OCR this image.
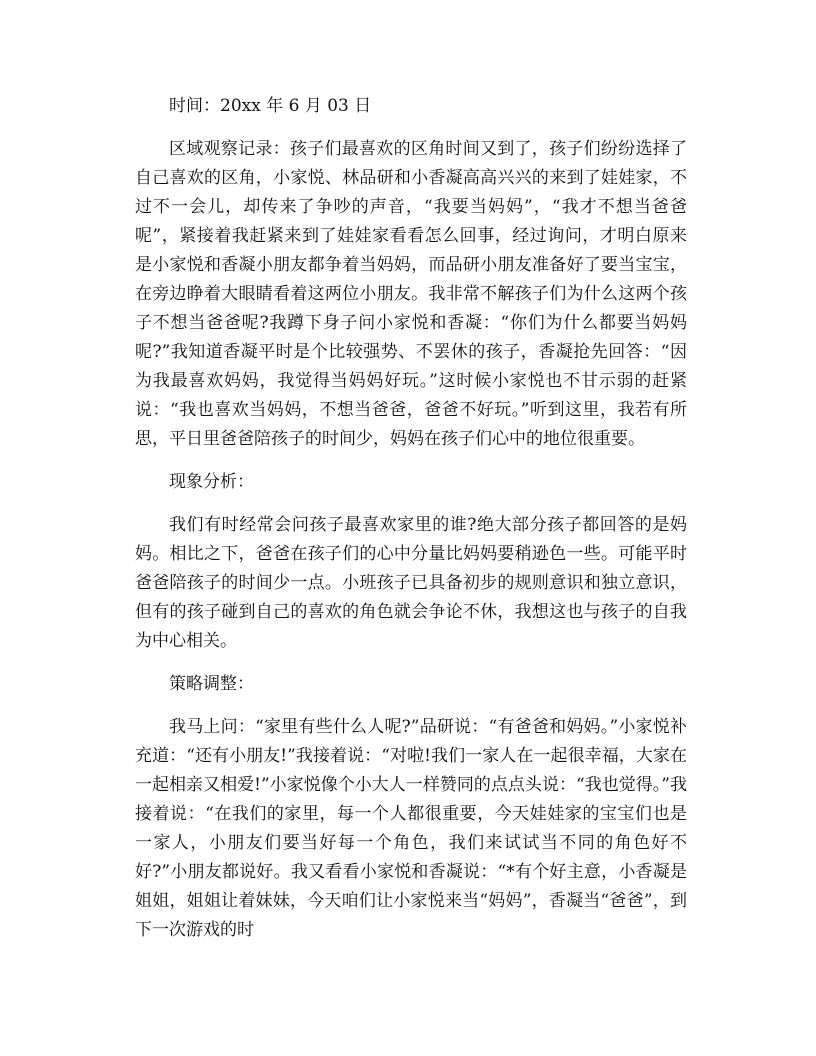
时间：20xx 年 6 月 03 日

区域观察记录：孩子们最喜欢的区角时间又到了，孩子们纷纷选择了自己喜欢的区角，小家悦、林品研和小香凝高高兴兴的来到了娃娃家，不过不一会儿，却传来了争吵的声音，“我要当妈妈”，“我才不想当爸爸呢”，紧接着我赶紧来到了娃娃家看看怎么回事，经过询问，才明白原来是小家悦和香凝小朋友都争着当妈妈，而品研小朋友准备好了要当宝宝，在旁边睁着大眼睛看着这两位小朋友。我非常不解孩子们为什么这两个孩子不想当爸爸呢?我蹲下身子问小家悦和香凝：“你们为什么都要当妈妈呢?”我知道香凝平时是个比较强势、不罢休的孩子，香凝抢先回答：“因为我最喜欢妈妈，我觉得当妈妈好玩。”这时候小家悦也不甘示弱的赶紧说：“我也喜欢当妈妈，不想当爸爸，爸爸不好玩。”听到这里，我若有所思，平日里爸爸陪孩子的时间少，妈妈在孩子们心中的地位很重要。

现象分析：

我们有时经常会问孩子最喜欢家里的谁?绝大部分孩子都回答的是妈妈。相比之下，爸爸在孩子们的心中分量比妈妈要稍逊色一些。可能平时爸爸陪孩子的时间少一点。小班孩子已具备初步的规则意识和独立意识，但有的孩子碰到自己的喜欢的角色就会争论不休，我想这也与孩子的自我为中心相关。

策略调整：

我马上问：“家里有些什么人呢?”品研说：“有爸爸和妈妈。”小家悦补充道：“还有小朋友!”我接着说：“对啦!我们一家人在一起很幸福，大家在一起相亲又相爱!”小家悦像个小大人一样赞同的点点头说：“我也觉得。”我接着说：“在我们的家里，每一个人都很重要，今天娃娃家的宝宝们也是一家人，小朋友们要当好每一个角色，我们来试试当不同的角色好不好?”小朋友都说好。我又看看小家悦和香凝说：“*有个好主意，小香凝是姐姐，姐姐让着妹妹，今天咱们让小家悦来当“妈妈”，香凝当“爸爸”，到下一次游戏的时
